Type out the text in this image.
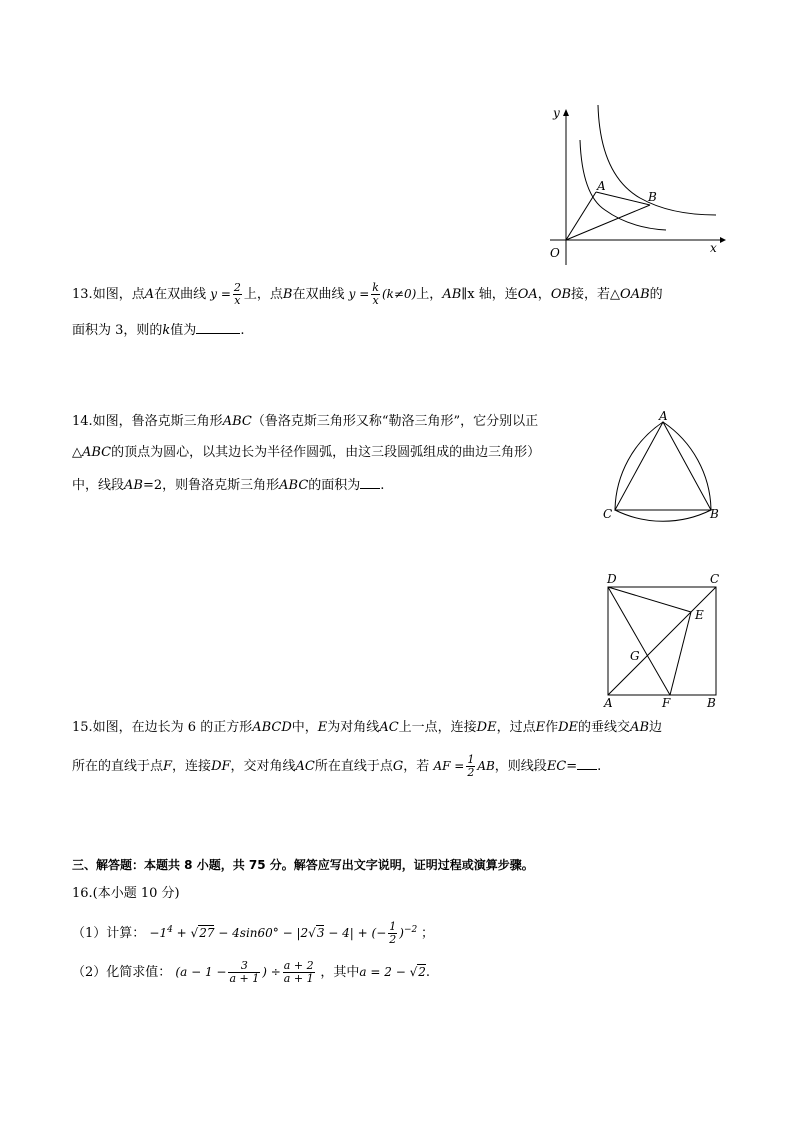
y
x
O
A
B
13.如图，点A在双曲线 $y = \frac{2}{x}$ 上，点B在双曲线 $y = \frac{k}{x} (k\ne 0)$上，AB∥x 轴，连OA，OB接，若△OAB的
面积为 3，则的k值为	.
14.如图，鲁洛克斯三角形ABC（鲁洛克斯三角形又称“勒洛三角形”，它分别以正
△ABC的顶点为圆心，以其边长为半径作圆弧，由这三段圆弧组成的曲边三角形）
中，线段AB=2，则鲁洛克斯三角形ABC的面积为 .
A
B
C
D	C
E
G
A	F	B
15.如图，在边长为 6 的正方形ABCD中，E为对角线AC上一点，连接DE，过点E作DE的垂线交AB边
所在的直线于点F，连接DF，交对角线AC所在直线于点G，若 AF = $\frac{1}{2}$ AB，则线段EC= .
三、解答题：本题共 8 小题，共 75 分。解答应写出文字说明，证明过程或演算步骤。
16.(本小题 10 分)
（1）计算： $-1^4 + √27 - 4\sin 60^\circ - |2√3 - 4|$ + (− $\frac{1}{2} )^{-2}$ ；
（2）化简求值： ($a - 1 - \frac{3}{a + 1}$ ) ÷ $\frac{a + 2}{a + 1}$ ，其中a = 2 − √2.
